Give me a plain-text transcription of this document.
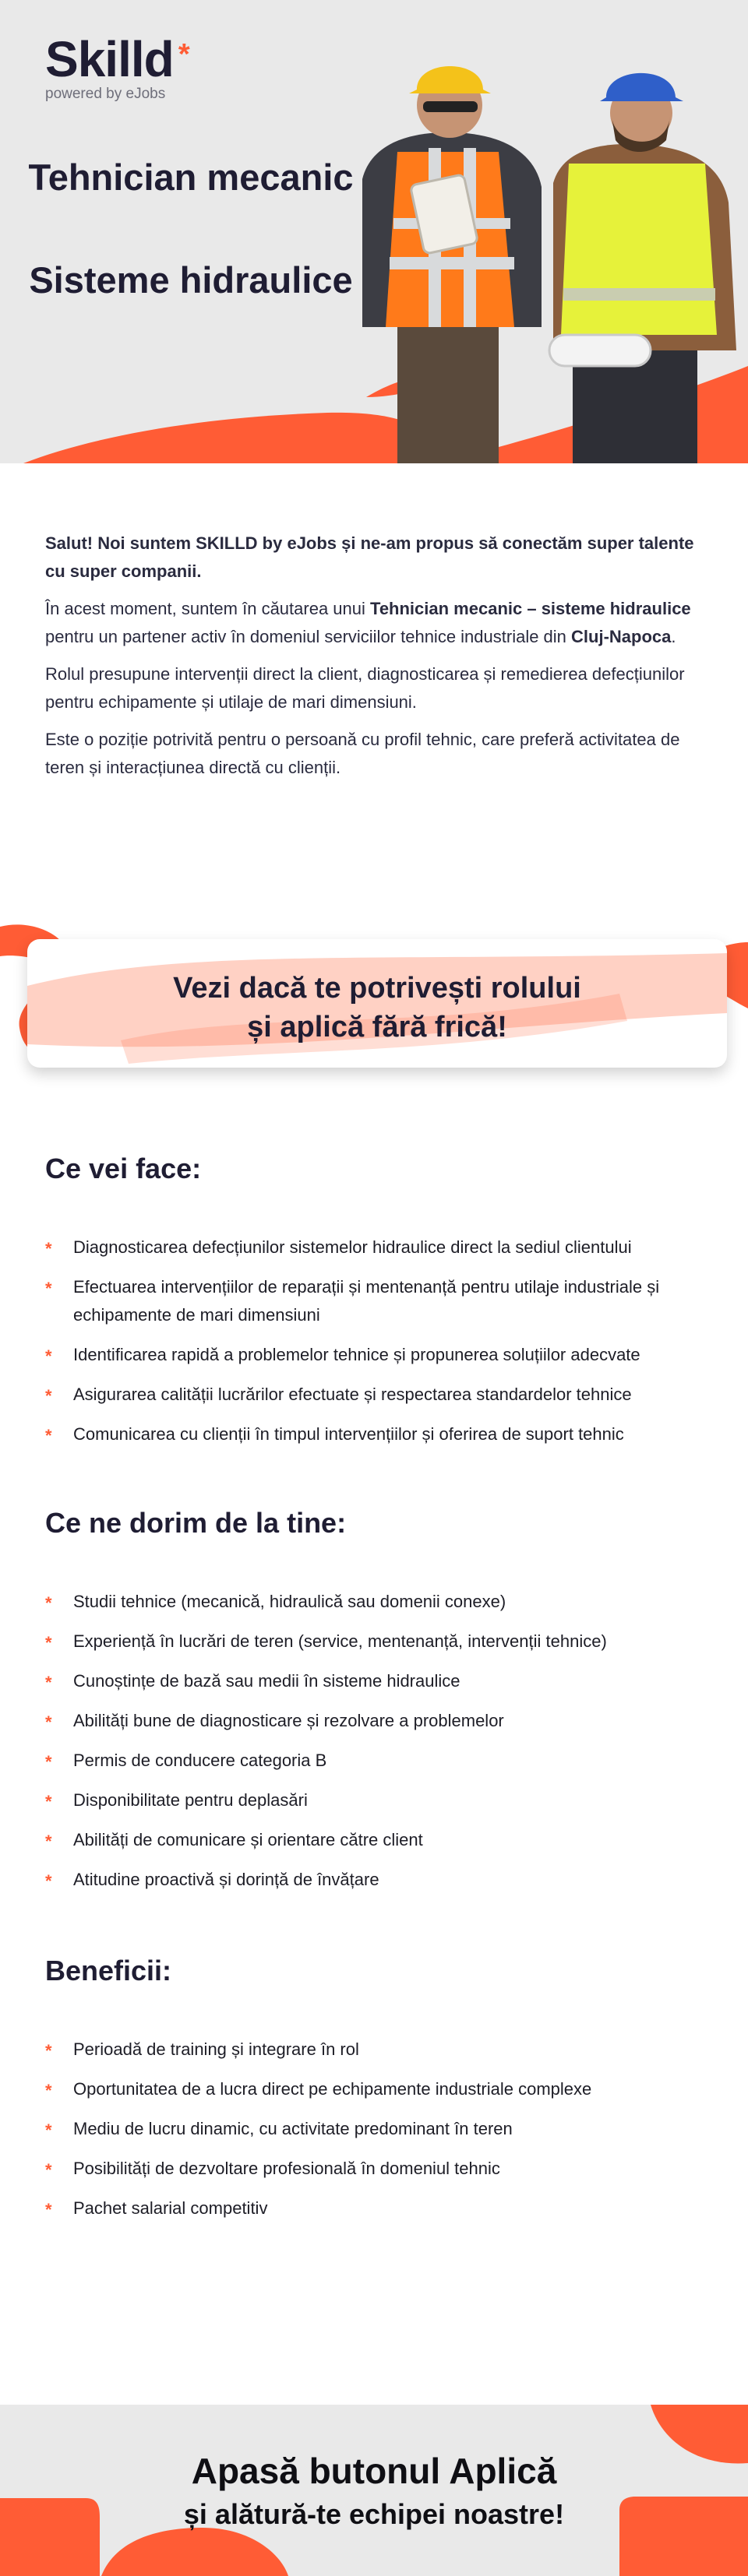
Skilld *
powered by eJobs
Tehnician mecanic
Sisteme hidraulice

Salut! Noi suntem SKILLD by eJobs și ne-am propus să conectăm super talente cu super companii.

În acest moment, suntem în căutarea unui Tehnician mecanic – sisteme hidraulice pentru un partener activ în domeniul serviciilor tehnice industriale din Cluj-Napoca.

Rolul presupune intervenții direct la client, diagnosticarea și remedierea defecțiunilor pentru echipamente și utilaje de mari dimensiuni.

Este o poziție potrivită pentru o persoană cu profil tehnic, care preferă activitatea de teren și interacțiunea directă cu clienții.

Vezi dacă te potrivești rolului
și aplică fără frică!
Ce vei face:
* Diagnosticarea defecțiunilor sistemelor hidraulice direct la sediul clientului
* Efectuarea intervențiilor de reparații și mentenanță pentru utilaje industriale și echipamente de mari dimensiuni
* Identificarea rapidă a problemelor tehnice și propunerea soluțiilor adecvate
* Asigurarea calității lucrărilor efectuate și respectarea standardelor tehnice
* Comunicarea cu clienții în timpul intervențiilor și oferirea de suport tehnic
Ce ne dorim de la tine:
* Studii tehnice (mecanică, hidraulică sau domenii conexe)
* Experiență în lucrări de teren (service, mentenanță, intervenții tehnice)
* Cunoștințe de bază sau medii în sisteme hidraulice
* Abilități bune de diagnosticare și rezolvare a problemelor
* Permis de conducere categoria B
* Disponibilitate pentru deplasări
* Abilități de comunicare și orientare către client
* Atitudine proactivă și dorință de învățare
Beneficii:
* Perioadă de training și integrare în rol
* Oportunitatea de a lucra direct pe echipamente industriale complexe
* Mediu de lucru dinamic, cu activitate predominant în teren
* Posibilități de dezvoltare profesională în domeniul tehnic
* Pachet salarial competitiv
Apasă butonul Aplică
și alătură-te echipei noastre!
